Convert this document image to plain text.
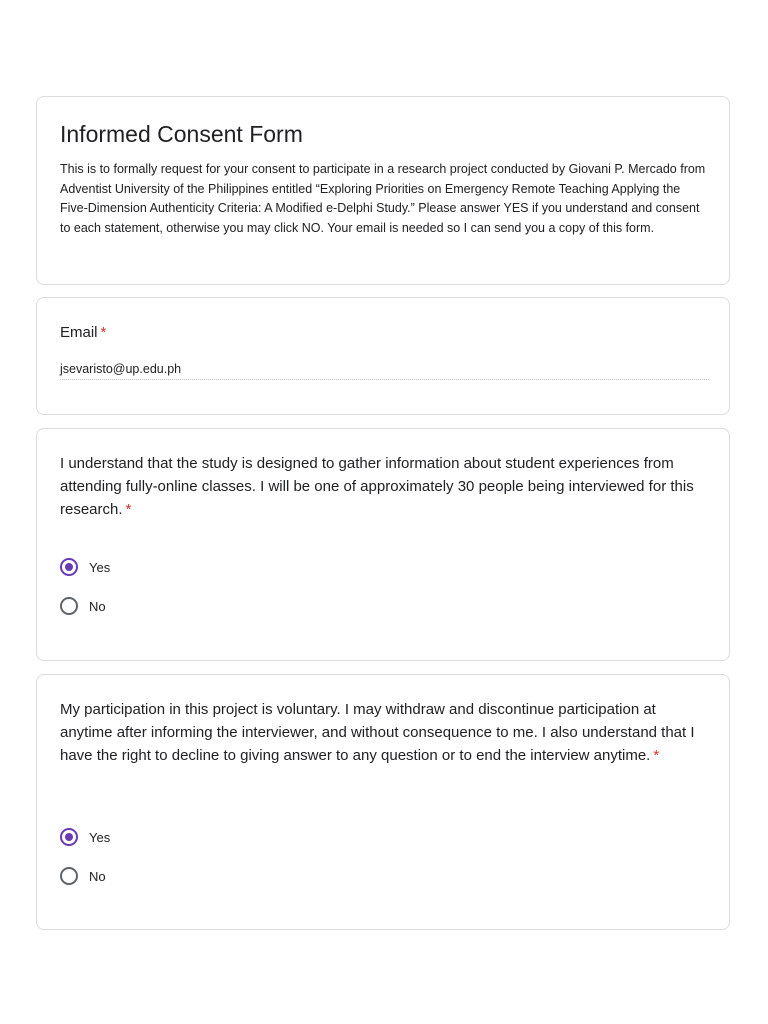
Informed Consent Form

This is to formally request for your consent to participate in a research project conducted by Giovani P. Mercado from Adventist University of the Philippines entitled “Exploring Priorities on Emergency Remote Teaching Applying the Five-Dimension Authenticity Criteria: A Modified e-Delphi Study.” Please answer YES if you understand and consent to each statement, otherwise you may click NO. Your email is needed so I can send you a copy of this form.

Email *

jsevaristo@up.edu.ph

I understand that the study is designed to gather information about student experiences from attending fully-online classes. I will be one of approximately 30 people being interviewed for this research. *

Yes
No

My participation in this project is voluntary. I may withdraw and discontinue participation at anytime after informing the interviewer, and without consequence to me. I also understand that I have the right to decline to giving answer to any question or to end the interview anytime. *

Yes
No
